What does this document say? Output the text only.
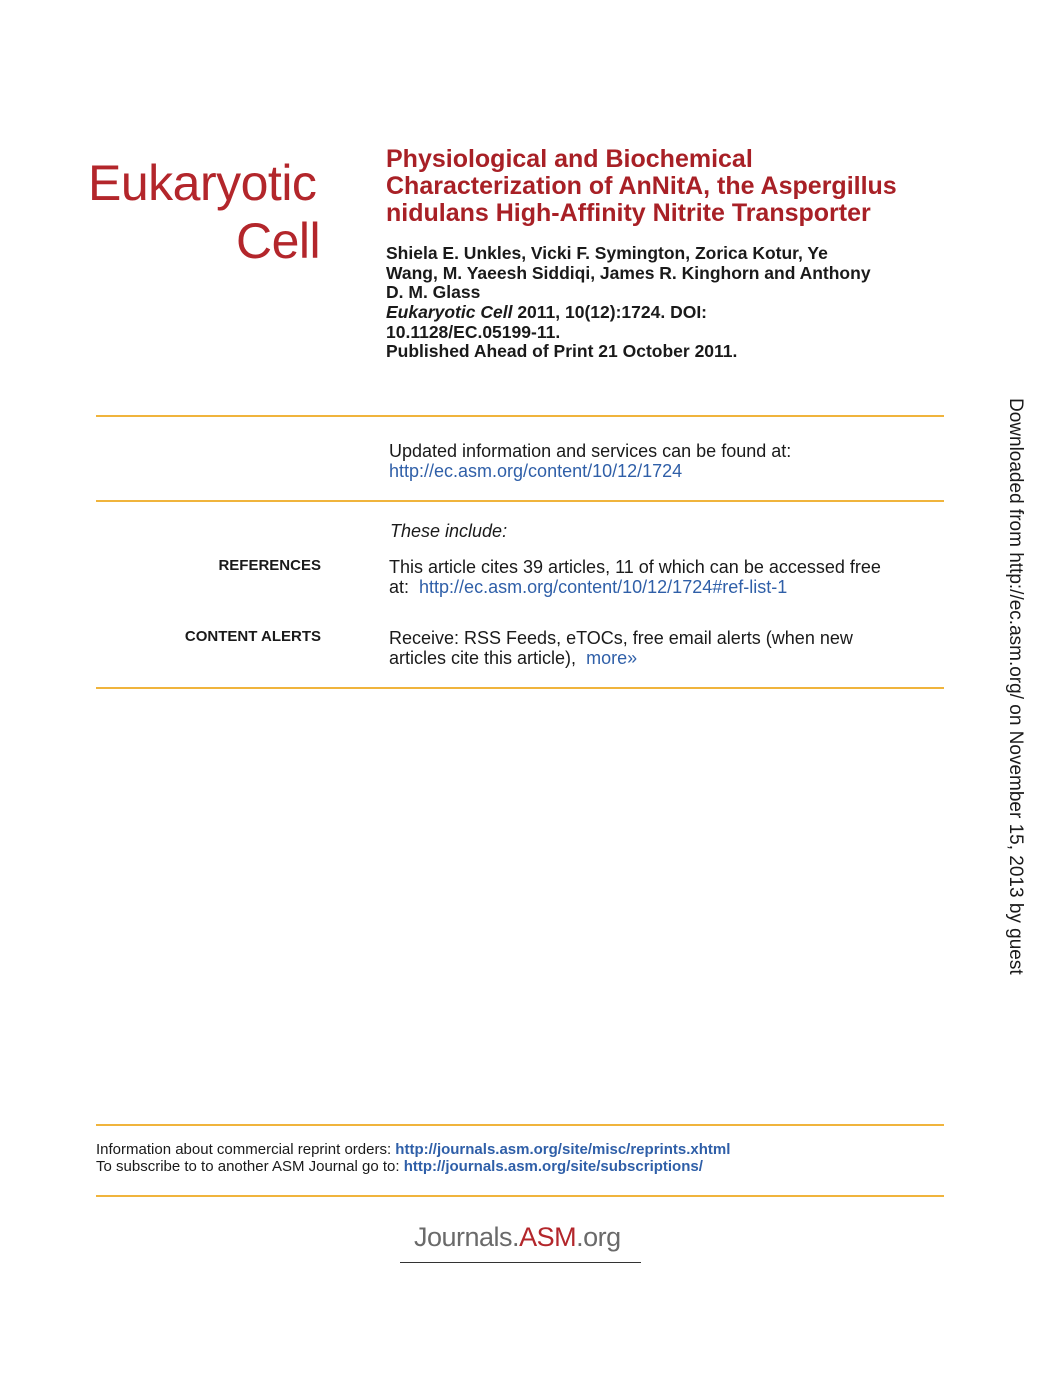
Eukaryotic
Cell
Physiological and Biochemical
Characterization of AnNitA, the Aspergillus
nidulans High-Affinity Nitrite Transporter
Shiela E. Unkles, Vicki F. Symington, Zorica Kotur, Ye
Wang, M. Yaeesh Siddiqi, James R. Kinghorn and Anthony
D. M. Glass
Eukaryotic Cell 2011, 10(12):1724. DOI:
10.1128/EC.05199-11.
Published Ahead of Print 21 October 2011.
Updated information and services can be found at:
http://ec.asm.org/content/10/12/1724
These include:
REFERENCES	This article cites 39 articles, 11 of which can be accessed free
at: http://ec.asm.org/content/10/12/1724#ref-list-1
CONTENT ALERTS	Receive: RSS Feeds, eTOCs, free email alerts (when new
articles cite this article), more»
Information about commercial reprint orders: http://journals.asm.org/site/misc/reprints.xhtml
To subscribe to to another ASM Journal go to: http://journals.asm.org/site/subscriptions/
Journals.ASM.org
Downloaded from http://ec.asm.org/ on November 15, 2013 by guest
